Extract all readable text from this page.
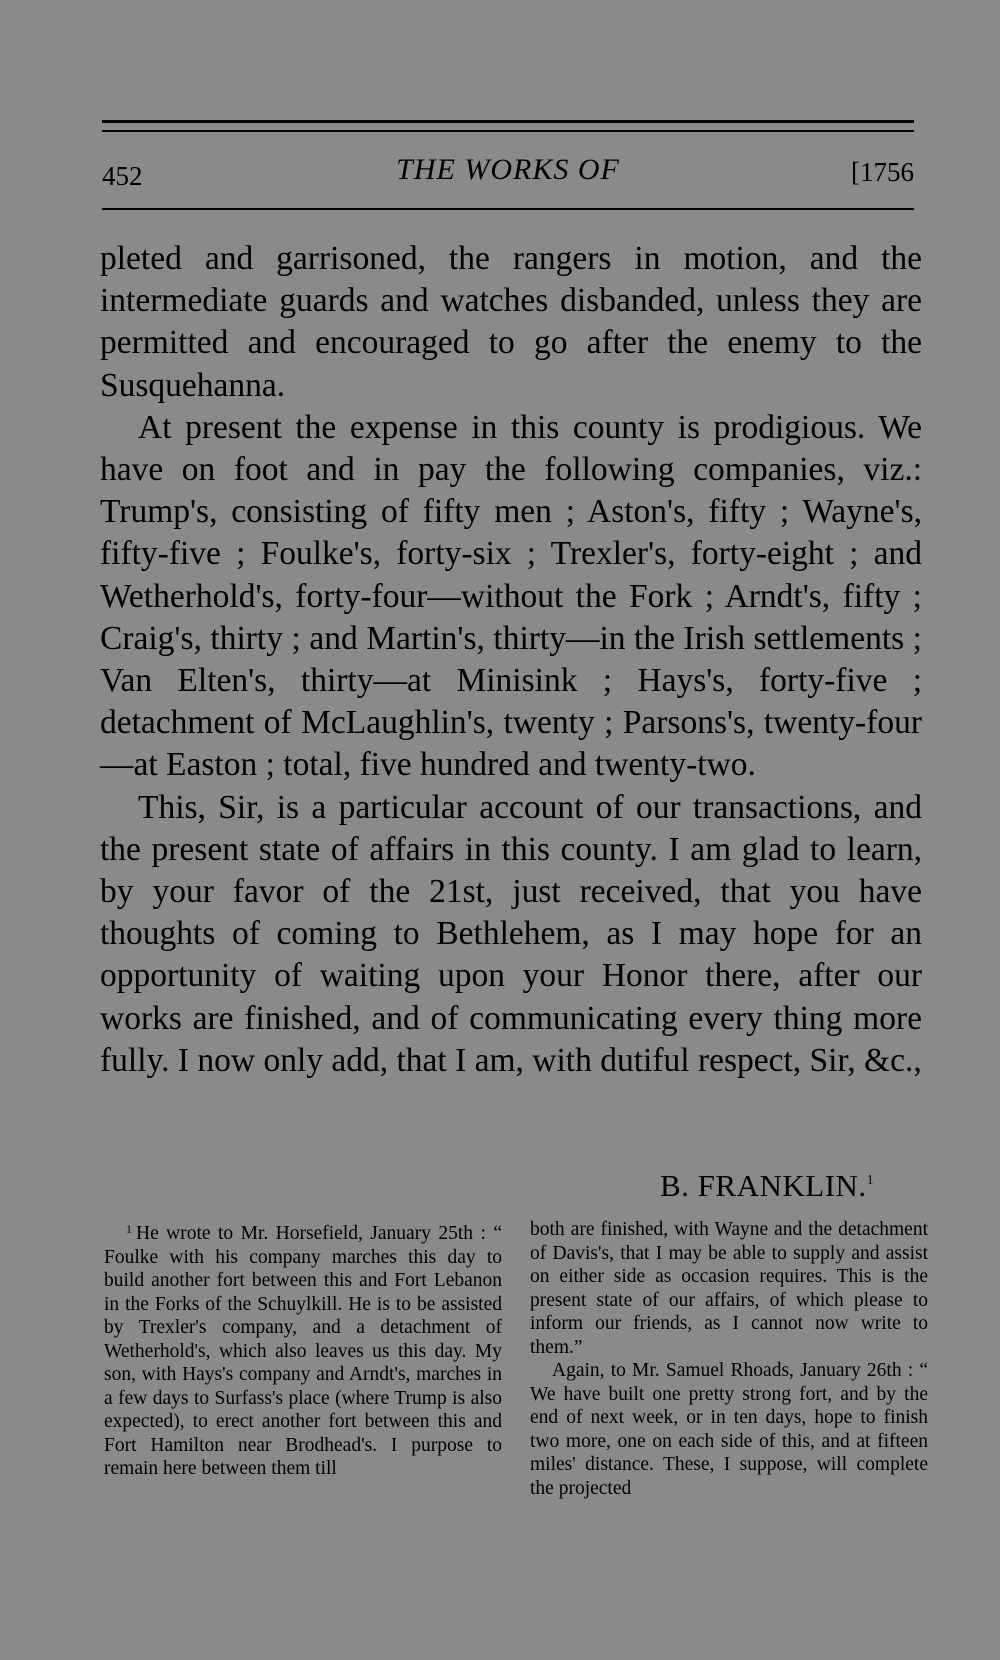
452	THE WORKS OF	[1756

pleted and garrisoned, the rangers in motion, and the intermediate guards and watches disbanded, unless they are permitted and encouraged to go after the enemy to the Susquehanna.

At present the expense in this county is prodigious. We have on foot and in pay the following companies, viz.: Trump's, consisting of fifty men ; Aston's, fifty ; Wayne's, fifty-five ; Foulke's, forty-six ; Trexler's, forty-eight ; and Wetherhold's, forty-four—without the Fork ; Arndt's, fifty ; Craig's, thirty ; and Martin's, thirty—in the Irish settlements ; Van Elten's, thirty—at Minisink ; Hays's, forty-five ; detachment of McLaughlin's, twenty ; Parsons's, twenty-four—at Easton ; total, five hundred and twenty-two.

This, Sir, is a particular account of our transactions, and the present state of affairs in this county. I am glad to learn, by your favor of the 21st, just received, that you have thoughts of coming to Bethlehem, as I may hope for an opportunity of waiting upon your Honor there, after our works are finished, and of communicating every thing more fully. I now only add, that I am, with dutiful respect, Sir, &c.,

B. FRANKLIN.$^1$

$^1$ He wrote to Mr. Horsefield, January 25th : “ Foulke with his company marches this day to build another fort between this and Fort Lebanon in the Forks of the Schuylkill. He is to be assisted by Trexler's company, and a detachment of Wetherhold's, which also leaves us this day. My son, with Hays's company and Arndt's, marches in a few days to Surfass's place (where Trump is also expected), to erect another fort between this and Fort Hamilton near Brodhead's. I purpose to remain here between them till

both are finished, with Wayne and the detachment of Davis's, that I may be able to supply and assist on either side as occasion requires. This is the present state of our affairs, of which please to inform our friends, as I cannot now write to them.”

Again, to Mr. Samuel Rhoads, January 26th : “ We have built one pretty strong fort, and by the end of next week, or in ten days, hope to finish two more, one on each side of this, and at fifteen miles' distance. These, I suppose, will complete the projected
